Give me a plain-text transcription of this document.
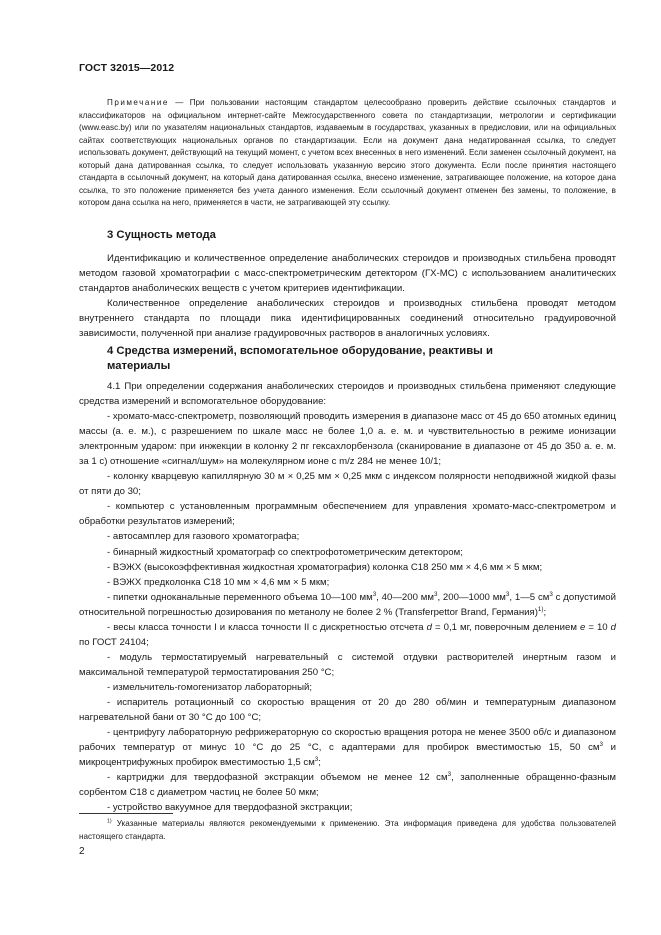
ГОСТ 32015—2012
Примечание — При пользовании настоящим стандартом целесообразно проверить действие ссылочных стандартов и классификаторов на официальном интернет-сайте Межгосударственного совета по стандартизации, метрологии и сертификации (www.easc.by) или по указателям национальных стандартов, издаваемым в государствах, указанных в предисловии, или на официальных сайтах соответствующих национальных органов по стандартизации. Если на документ дана недатированная ссылка, то следует использовать документ, действующий на текущий момент, с учетом всех внесенных в него изменений. Если заменен ссылочный документ, на который дана датированная ссылка, то следует использовать указанную версию этого документа. Если после принятия настоящего стандарта в ссылочный документ, на который дана датированная ссылка, внесено изменение, затрагивающее положение, на которое дана ссылка, то это положение применяется без учета данного изменения. Если ссылочный документ отменен без замены, то положение, в котором дана ссылка на него, применяется в части, не затрагивающей эту ссылку.
3 Сущность метода

Идентификацию и количественное определение анаболических стероидов и производных стильбена проводят методом газовой хроматографии с масс-спектрометрическим детектором (ГХ-МС) с использованием аналитических стандартов анаболических веществ с учетом критериев идентификации.

Количественное определение анаболических стероидов и производных стильбена проводят методом внутреннего стандарта по площади пика идентифицированных соединений относительно градуировочной зависимости, полученной при анализе градуировочных растворов в аналогичных условиях.

4 Средства измерений, вспомогательное оборудование, реактивы и материалы

4.1 При определении содержания анаболических стероидов и производных стильбена применяют следующие средства измерений и вспомогательное оборудование:

- хромато-масс-спектрометр, позволяющий проводить измерения в диапазоне масс от 45 до 650 атомных единиц массы (а. е. м.), с разрешением по шкале масс не более 1,0 а. е. м. и чувствительностью в режиме ионизации электронным ударом: при инжекции в колонку 2 пг гексахлорбензола (сканирование в диапазоне от 45 до 350 а. е. м. за 1 с) отношение «сигнал/шум» на молекулярном ионе с m/z 284 не менее 10/1;

- колонку кварцевую капиллярную 30 м × 0,25 мм × 0,25 мкм с индексом полярности неподвижной жидкой фазы от пяти до 30;

- компьютер с установленным программным обеспечением для управления хромато-масс-спектрометром и обработки результатов измерений;

- автосамплер для газового хроматографа;

- бинарный жидкостный хроматограф со спектрофотометрическим детектором;

- ВЭЖХ (высокоэффективная жидкостная хроматография) колонка С18 250 мм × 4,6 мм × 5 мкм;

- ВЭЖХ предколонка С18 10 мм × 4,6 мм × 5 мкм;

- пипетки одноканальные переменного объема 10—100 $мм^3$, 40—200 $мм^3$, 200—1000 $мм^3$, 1—5 $см^3$ с допустимой относительной погрешностью дозирования по метанолу не более 2 % (Transferpettor Brand, Германия)$^{1)}$;

- весы класса точности I и класса точности II с дискретностью отсчета d = 0,1 мг, поверочным делением е = 10 d по ГОСТ 24104;

- модуль термостатируемый нагревательный с системой отдувки растворителей инертным газом и максимальной температурой термостатирования 250 °С;

- измельчитель-гомогенизатор лабораторный;

- испаритель ротационный со скоростью вращения от 20 до 280 об/мин и температурным диапазоном нагревательной бани от 30 °С до 100 °С;

- центрифугу лабораторную рефрижераторную со скоростью вращения ротора не менее 3500 об/с и диапазоном рабочих температур от минус 10 °С до 25 °С, с адаптерами для пробирок вместимостью 15, 50 $см^3$ и микроцентрифужных пробирок вместимостью 1,5 $см^3$;

- картриджи для твердофазной экстракции объемом не менее 12 $см^3$, заполненные обращенно-фазным сорбентом С18 с диаметром частиц не более 50 мкм;

- устройство вакуумное для твердофазной экстракции;

$^{1)}$ Указанные материалы являются рекомендуемыми к применению. Эта информация приведена для удобства пользователей настоящего стандарта.

2
